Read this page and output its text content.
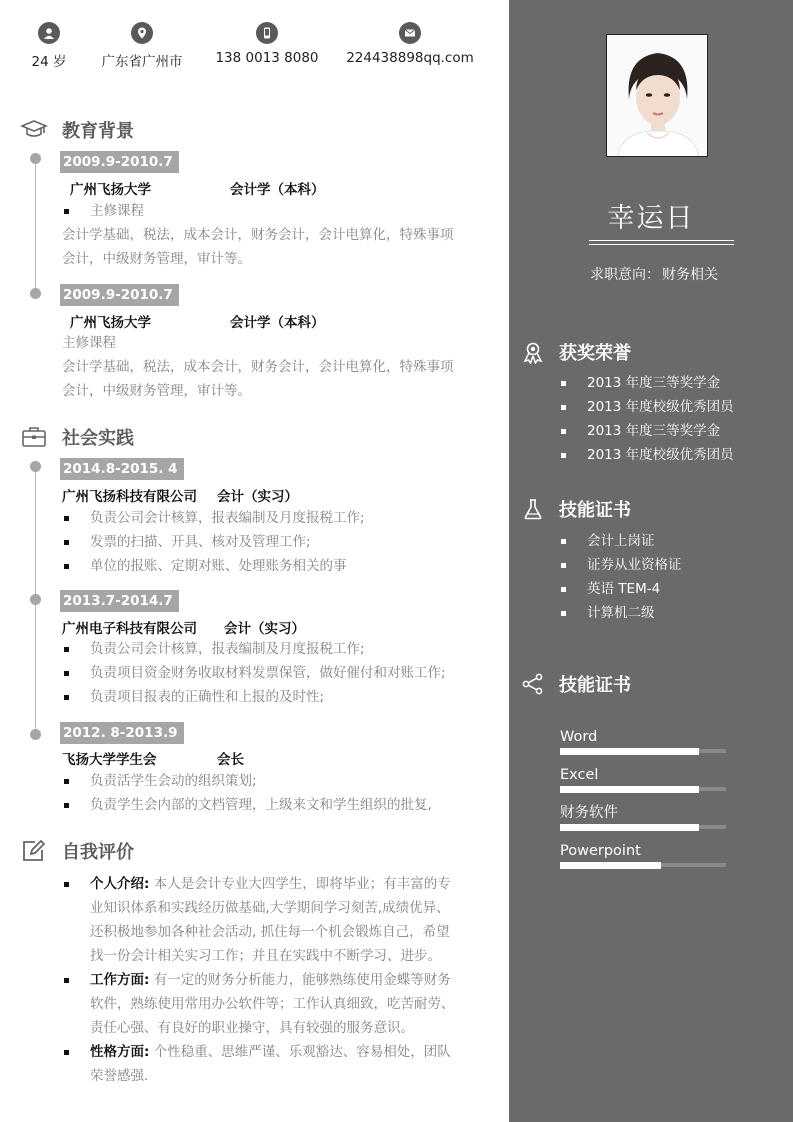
24 岁	广东省广州市	138 0013 8080 224438898qq.com
教育背景
2009.9-2010.7
广州飞扬大学	会计学（本科）
主修课程
会计学基础，税法，成本会计，财务会计，会计电算化，特殊事项
会计，中级财务管理，审计等。
2009.9-2010.7
广州飞扬大学	会计学（本科）
主修课程
会计学基础，税法，成本会计，财务会计，会计电算化，特殊事项
会计，中级财务管理，审计等。
社会实践
2014.8-2015. 4
广州飞扬科技有限公司 会计（实习）
负责公司会计核算，报表编制及月度报税工作;
发票的扫描、开具、核对及管理工作;
单位的报账、定期对账、处理账务相关的事
2013.7-2014.7
广州电子科技有限公司 会计（实习）
负责公司会计核算，报表编制及月度报税工作;
负责项目资金财务收取材料发票保管，做好催付和对账工作;
负责项目报表的正确性和上报的及时性;
2012. 8-2013.9
飞扬大学学生会	会长
负责活学生会动的组织策划;
负责学生会内部的文档管理，上级来文和学生组织的批复,
自我评价
个人介绍: 本人是会计专业大四学生，即将毕业；有丰富的专
业知识体系和实践经历做基础,大学期间学习刻苦,成绩优异、
还积极地参加各种社会活动, 抓住每一个机会锻炼自己，希望
找一份会计相关实习工作；并且在实践中不断学习、进步。
工作方面: 有一定的财务分析能力，能够熟练使用金蝶等财务
软件，熟练使用常用办公软件等；工作认真细致，吃苦耐劳、
责任心强、有良好的职业操守，具有较强的服务意识。
性格方面: 个性稳重、思维严谨、乐观豁达、容易相处，团队
荣誉感强.
幸运日
求职意向： 财务相关
获奖荣誉
2013 年度三等奖学金
2013 年度校级优秀团员
2013 年度三等奖学金
2013 年度校级优秀团员
技能证书
会计上岗证
证券从业资格证
英语 TEM-4
计算机二级
技能证书
Word
Excel
财务软件
Powerpoint
